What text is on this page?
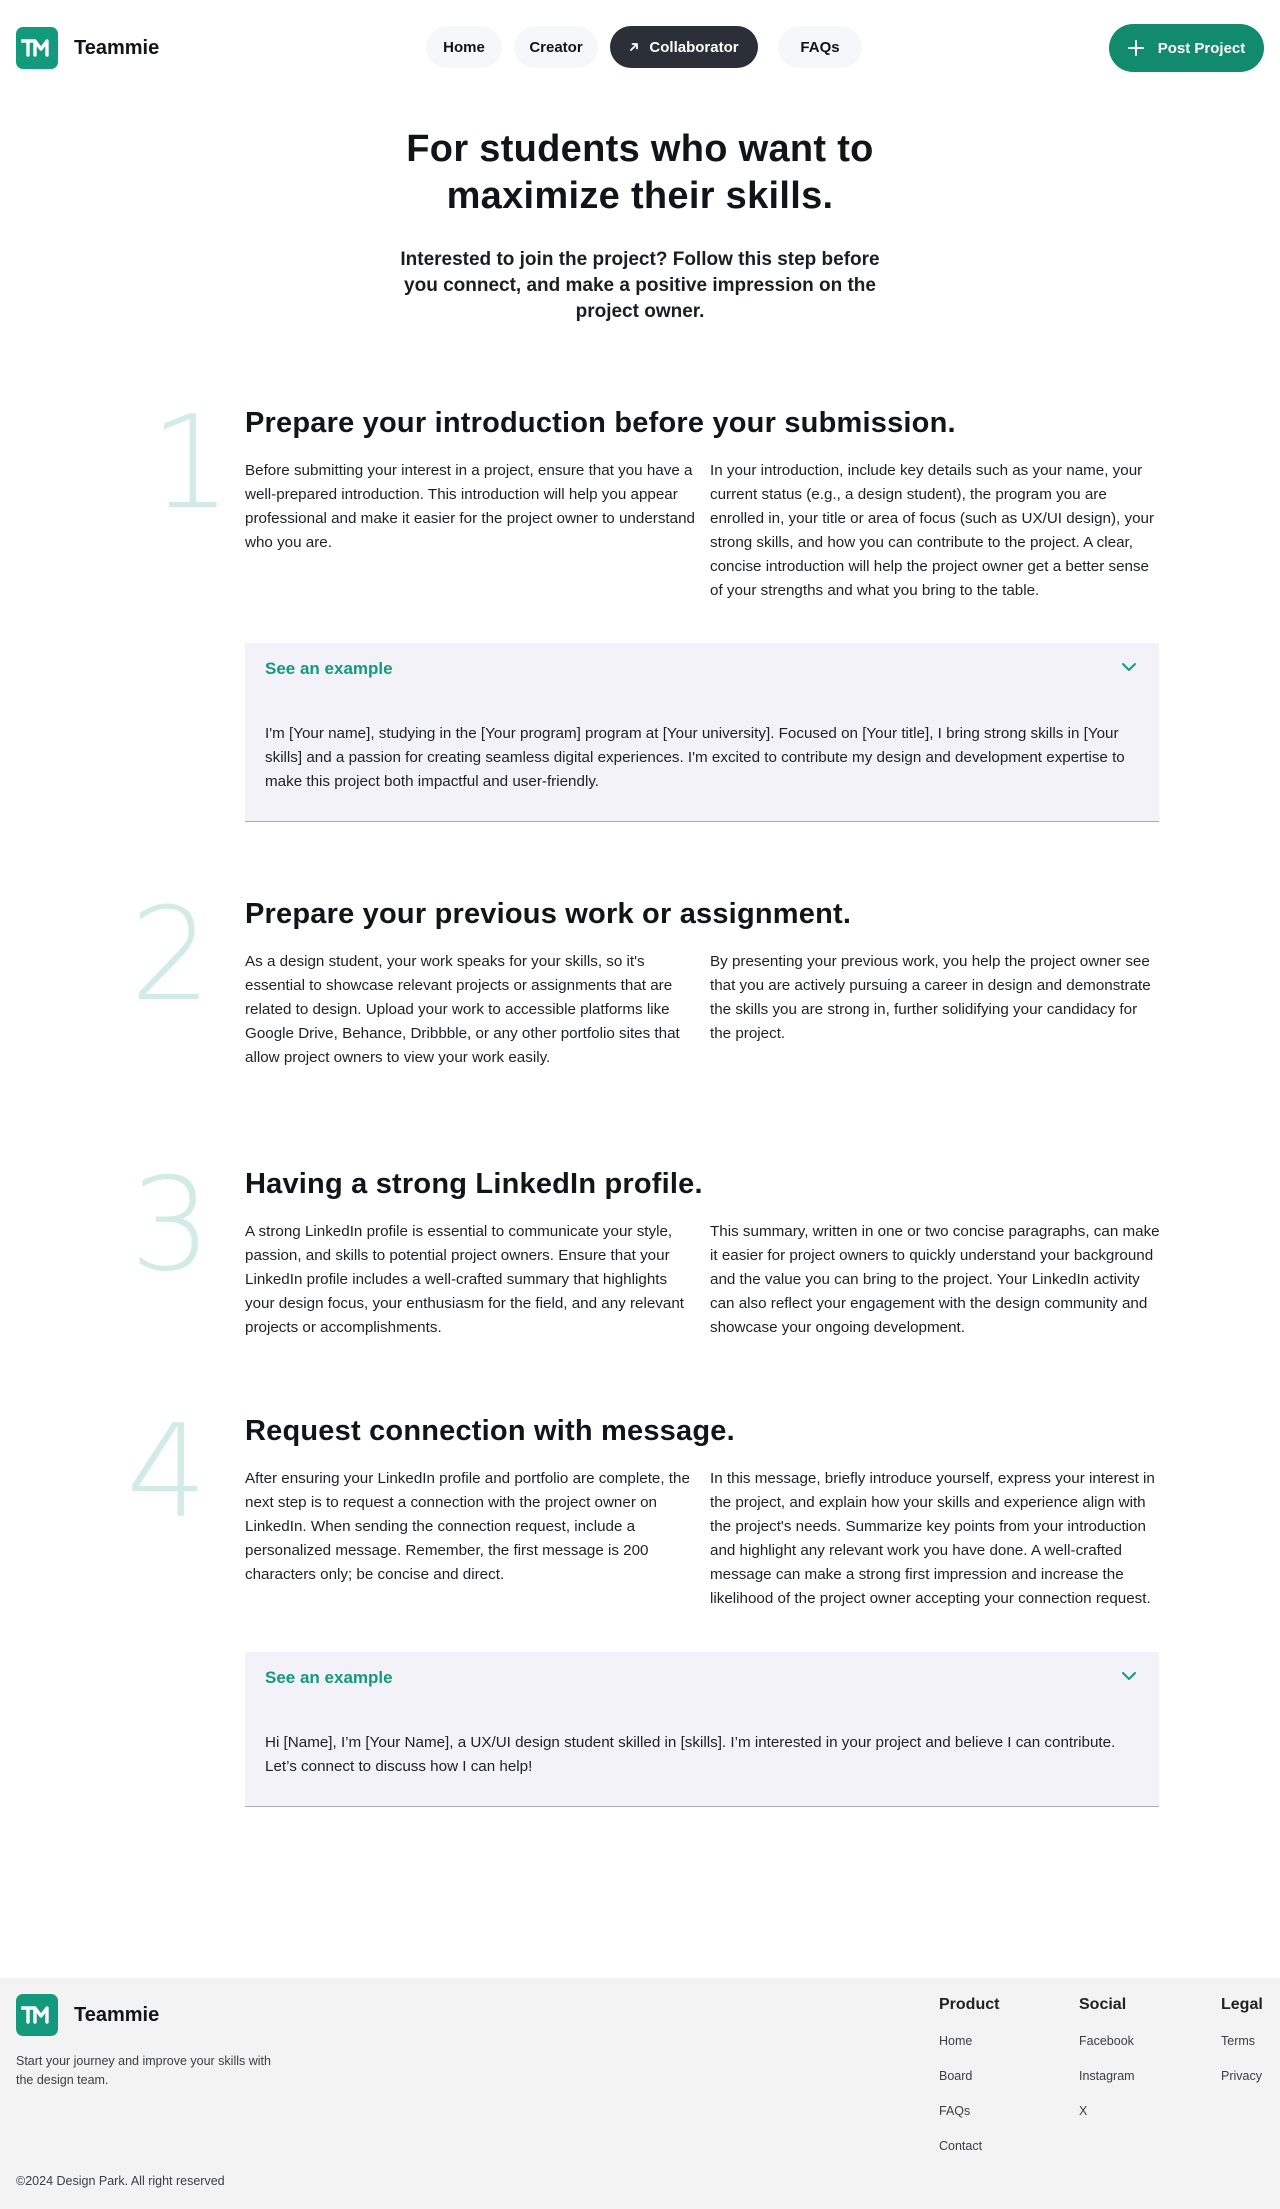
Teammie	Home	Creator	Collaborator	FAQs	Post Project
For students who want to maximize their skills.

Interested to join the project? Follow this step before you connect, and make a positive impression on the project owner.

1 Prepare your introduction before your submission.

Before submitting your interest in a project, ensure that you have a well-prepared introduction. This introduction will help you appear professional and make it easier for the project owner to understand who you are.

In your introduction, include key details such as your name, your current status (e.g., a design student), the program you are enrolled in, your title or area of focus (such as UX/UI design), your strong skills, and how you can contribute to the project. A clear, concise introduction will help the project owner get a better sense of your strengths and what you bring to the table.

See an example

I'm [Your name], studying in the [Your program] program at [Your university]. Focused on [Your title], I bring strong skills in [Your skills] and a passion for creating seamless digital experiences. I'm excited to contribute my design and development expertise to make this project both impactful and user-friendly.

2 Prepare your previous work or assignment.

As a design student, your work speaks for your skills, so it's essential to showcase relevant projects or assignments that are related to design. Upload your work to accessible platforms like Google Drive, Behance, Dribbble, or any other portfolio sites that allow project owners to view your work easily.

By presenting your previous work, you help the project owner see that you are actively pursuing a career in design and demonstrate the skills you are strong in, further solidifying your candidacy for the project.

3 Having a strong LinkedIn profile.

A strong LinkedIn profile is essential to communicate your style, passion, and skills to potential project owners. Ensure that your LinkedIn profile includes a well-crafted summary that highlights your design focus, your enthusiasm for the field, and any relevant projects or accomplishments.

This summary, written in one or two concise paragraphs, can make it easier for project owners to quickly understand your background and the value you can bring to the project. Your LinkedIn activity can also reflect your engagement with the design community and showcase your ongoing development.

4 Request connection with message.

After ensuring your LinkedIn profile and portfolio are complete, the next step is to request a connection with the project owner on LinkedIn. When sending the connection request, include a personalized message. Remember, the first message is 200 characters only; be concise and direct.

In this message, briefly introduce yourself, express your interest in the project, and explain how your skills and experience align with the project's needs. Summarize key points from your introduction and highlight any relevant work you have done. A well-crafted message can make a strong first impression and increase the likelihood of the project owner accepting your connection request.

See an example

Hi [Name], I’m [Your Name], a UX/UI design student skilled in [skills]. I’m interested in your project and believe I can contribute. Let’s connect to discuss how I can help!

Teammie

Start your journey and improve your skills with the design team.

©2024 Design Park. All right reserved
Product
Home
Board
FAQs
Contact
Social
Facebook
Instagram
X
Legal
Terms
Privacy
